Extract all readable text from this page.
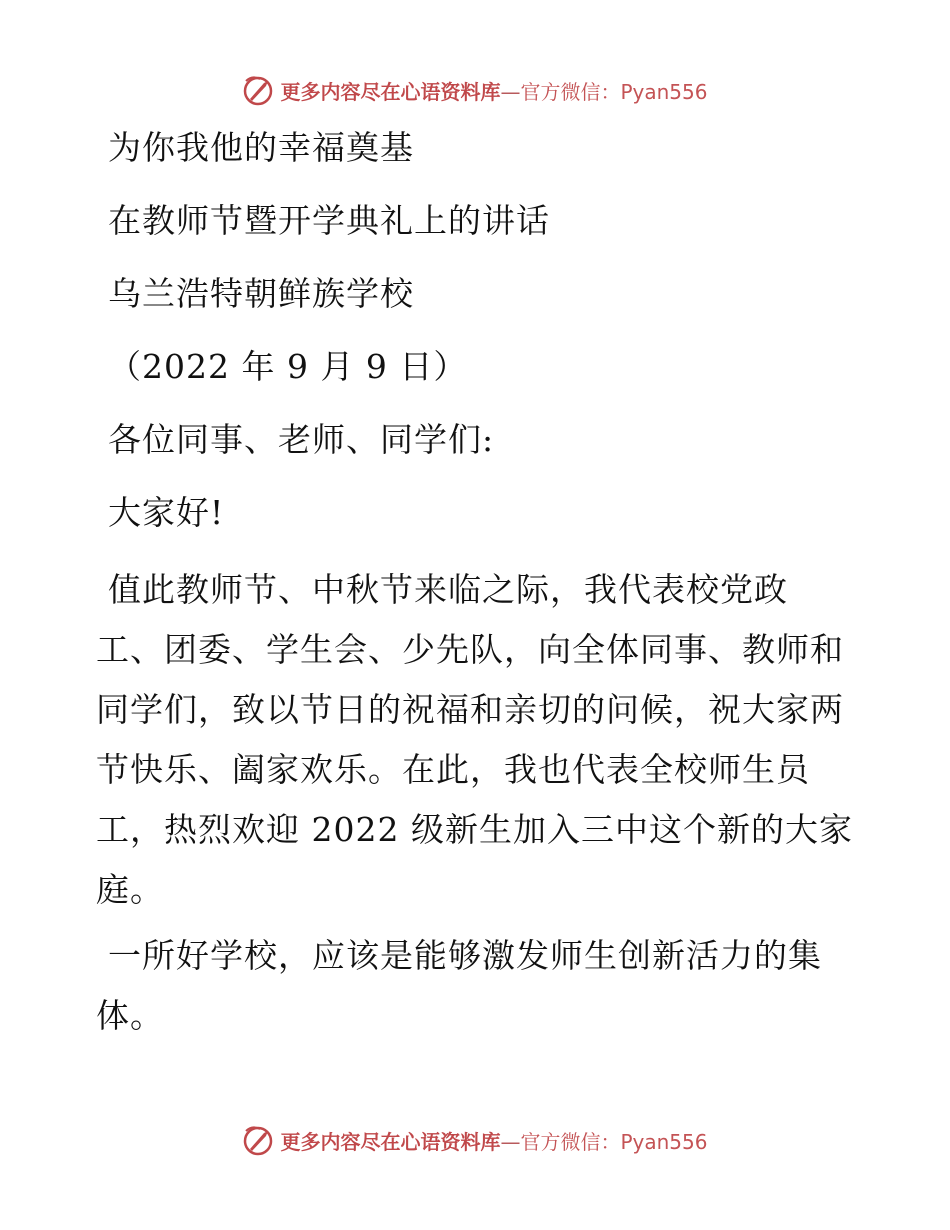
更多内容尽在心语资料库—官方微信：Pyan556
为你我他的幸福奠基
在教师节暨开学典礼上的讲话
乌兰浩特朝鲜族学校
（2022 年 9 月 9 日）
各位同事、老师、同学们:
大家好!
值此教师节、中秋节来临之际，我代表校党政
工、团委、学生会、少先队，向全体同事、教师和
同学们，致以节日的祝福和亲切的问候，祝大家两
节快乐、阖家欢乐。在此，我也代表全校师生员
工，热烈欢迎 2022 级新生加入三中这个新的大家
庭。
一所好学校，应该是能够激发师生创新活力的集
体。
更多内容尽在心语资料库—官方微信：Pyan556
